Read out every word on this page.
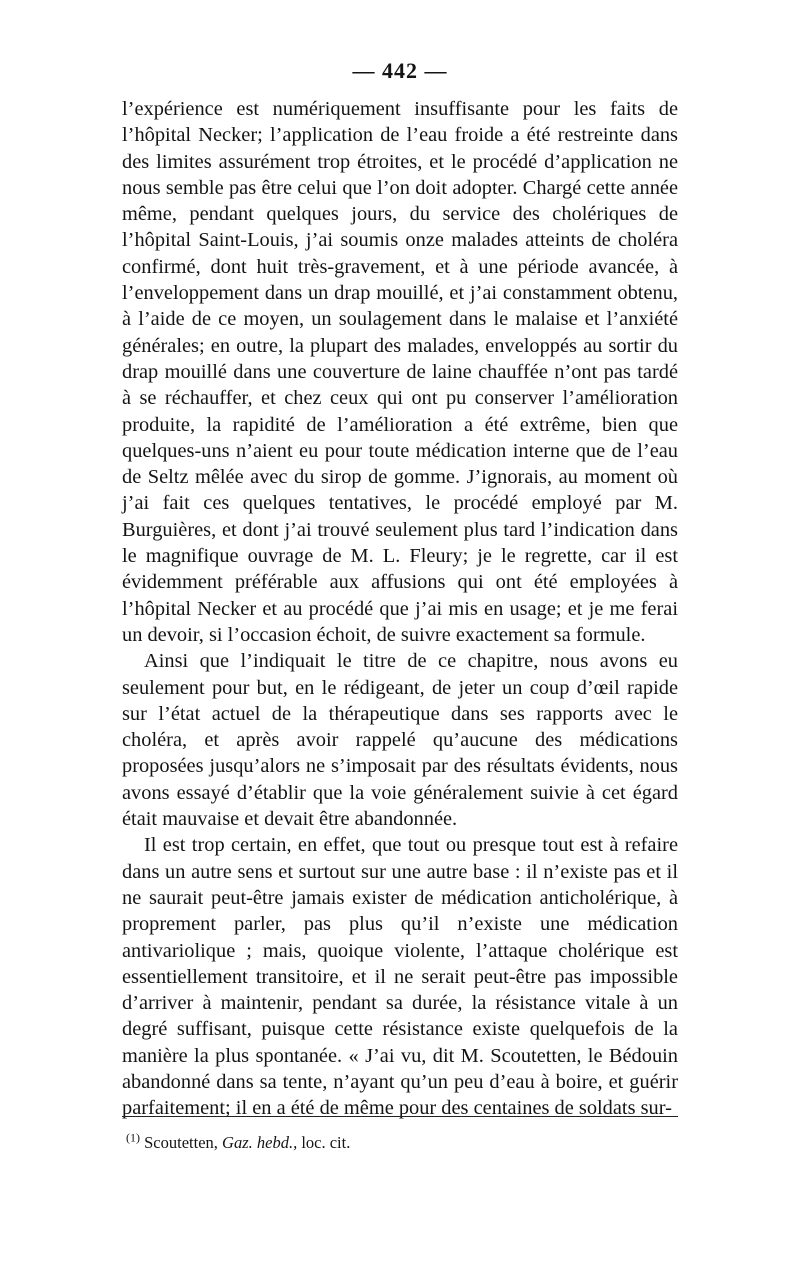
— 442 —

l’expérience est numériquement insuffisante pour les faits de l’hôpital Necker; l’application de l’eau froide a été restreinte dans des limites assurément trop étroites, et le procédé d’application ne nous semble pas être celui que l’on doit adopter. Chargé cette année même, pendant quelques jours, du service des cholériques de l’hôpital Saint-Louis, j’ai soumis onze malades atteints de choléra confirmé, dont huit très-gravement, et à une période avancée, à l’enveloppement dans un drap mouillé, et j’ai constamment obtenu, à l’aide de ce moyen, un soulagement dans le malaise et l’anxiété générales; en outre, la plupart des malades, enveloppés au sortir du drap mouillé dans une couverture de laine chauffée n’ont pas tardé à se réchauffer, et chez ceux qui ont pu conserver l’amélioration produite, la rapidité de l’amélioration a été extrême, bien que quelques-uns n’aient eu pour toute médication interne que de l’eau de Seltz mêlée avec du sirop de gomme. J’ignorais, au moment où j’ai fait ces quelques tentatives, le procédé employé par M. Burguières, et dont j’ai trouvé seulement plus tard l’indication dans le magnifique ouvrage de M. L. Fleury; je le regrette, car il est évidemment préférable aux affusions qui ont été employées à l’hôpital Necker et au procédé que j’ai mis en usage; et je me ferai un devoir, si l’occasion échoit, de suivre exactement sa formule.

Ainsi que l’indiquait le titre de ce chapitre, nous avons eu seulement pour but, en le rédigeant, de jeter un coup d’œil rapide sur l’état actuel de la thérapeutique dans ses rapports avec le choléra, et après avoir rappelé qu’aucune des médications proposées jusqu’alors ne s’imposait par des résultats évidents, nous avons essayé d’établir que la voie généralement suivie à cet égard était mauvaise et devait être abandonnée.

Il est trop certain, en effet, que tout ou presque tout est à refaire dans un autre sens et surtout sur une autre base : il n’existe pas et il ne saurait peut-être jamais exister de médication anticholérique, à proprement parler, pas plus qu’il n’existe une médication antivariolique ; mais, quoique violente, l’attaque cholérique est essentiellement transitoire, et il ne serait peut-être pas impossible d’arriver à maintenir, pendant sa durée, la résistance vitale à un degré suffisant, puisque cette résistance existe quelquefois de la manière la plus spontanée. « J’ai vu, dit M. Scoutetten, le Bédouin abandonné dans sa tente, n’ayant qu’un peu d’eau à boire, et guérir parfaitement; il en a été de même pour des centaines de soldats sur-

$^{(1)}$ Scoutetten, Gaz. hebd., loc. cit.
